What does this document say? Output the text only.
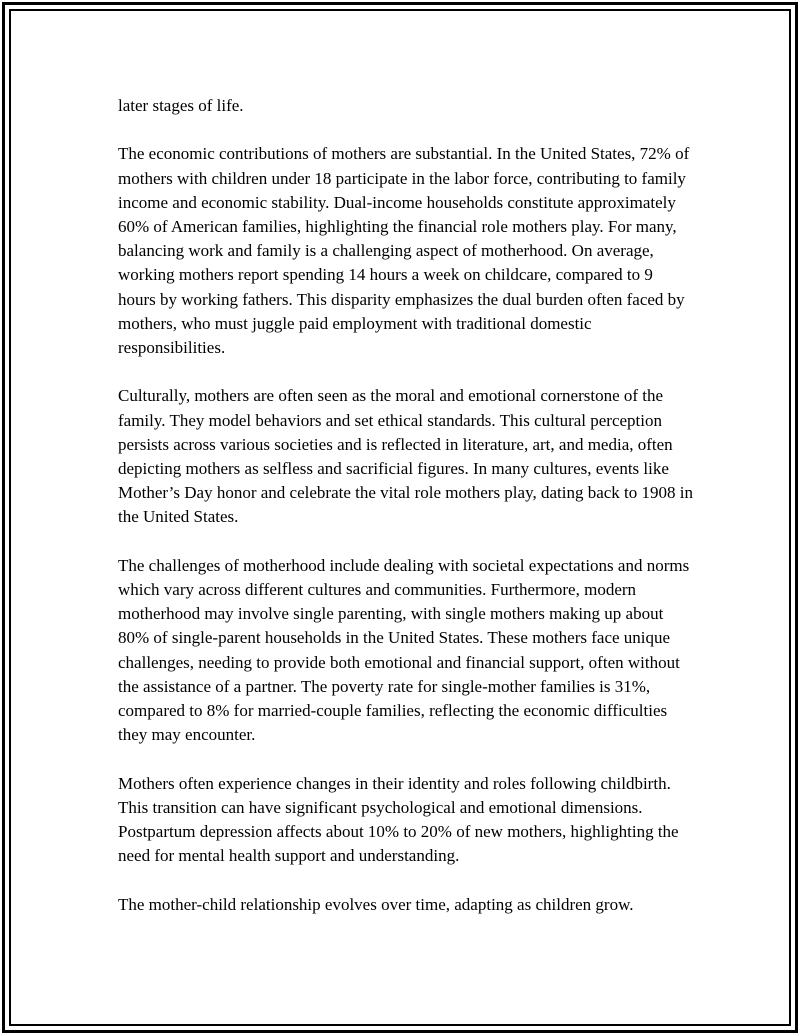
later stages of life.

The economic contributions of mothers are substantial. In the United States, 72% of mothers with children under 18 participate in the labor force, contributing to family income and economic stability. Dual-income households constitute approximately 60% of American families, highlighting the financial role mothers play. For many, balancing work and family is a challenging aspect of motherhood. On average, working mothers report spending 14 hours a week on childcare, compared to 9 hours by working fathers. This disparity emphasizes the dual burden often faced by mothers, who must juggle paid employment with traditional domestic responsibilities.

Culturally, mothers are often seen as the moral and emotional cornerstone of the family. They model behaviors and set ethical standards. This cultural perception persists across various societies and is reflected in literature, art, and media, often depicting mothers as selfless and sacrificial figures. In many cultures, events like Mother’s Day honor and celebrate the vital role mothers play, dating back to 1908 in the United States.

The challenges of motherhood include dealing with societal expectations and norms which vary across different cultures and communities. Furthermore, modern motherhood may involve single parenting, with single mothers making up about 80% of single-parent households in the United States. These mothers face unique challenges, needing to provide both emotional and financial support, often without the assistance of a partner. The poverty rate for single-mother families is 31%, compared to 8% for married-couple families, reflecting the economic difficulties they may encounter.

Mothers often experience changes in their identity and roles following childbirth. This transition can have significant psychological and emotional dimensions. Postpartum depression affects about 10% to 20% of new mothers, highlighting the need for mental health support and understanding.

The mother-child relationship evolves over time, adapting as children grow.
